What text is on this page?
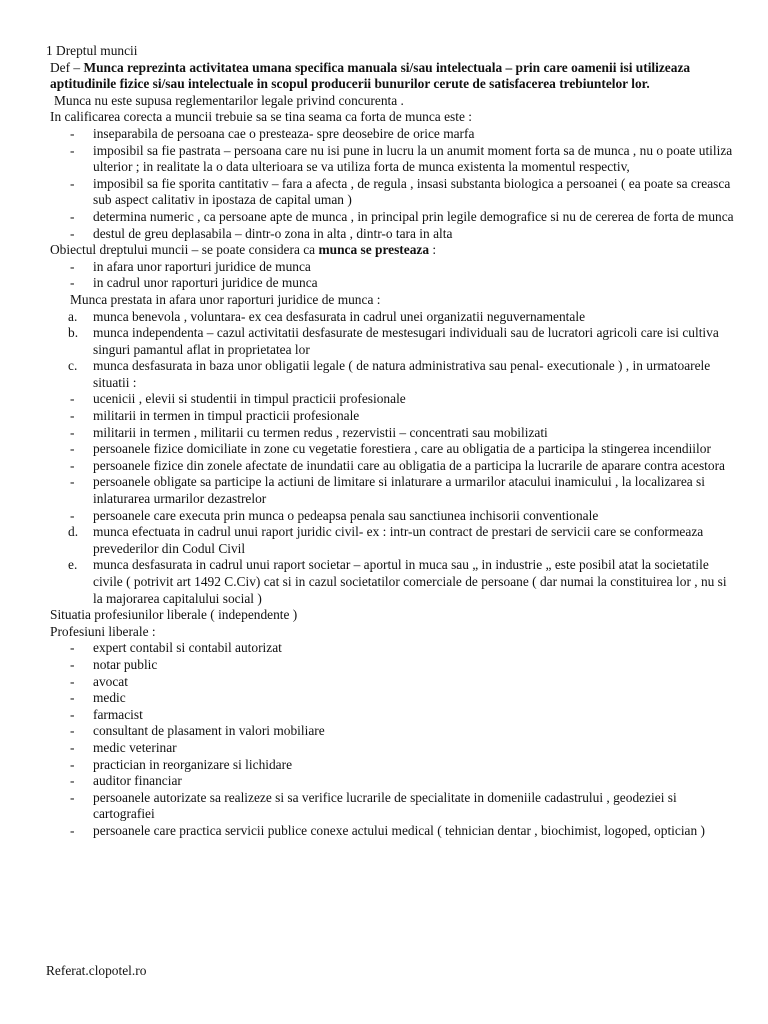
1 Dreptul muncii

Def – Munca reprezinta activitatea umana specifica manuala si/sau intelectuala – prin care oamenii isi utilizeaza aptitudinile fizice si/sau intelectuale in scopul producerii bunurilor cerute de satisfacerea trebiuntelor lor.

Munca nu este supusa reglementarilor legale privind concurenta .

In calificarea corecta a muncii trebuie sa se tina seama ca forta de munca este :

- inseparabila de persoana cae o presteaza- spre deosebire de orice marfa
- imposibil sa fie pastrata – persoana care nu isi pune in lucru la un anumit moment forta sa de munca , nu o poate utiliza ulterior ; in realitate la o data ulterioara se va utiliza forta de munca existenta la momentul respectiv,
- imposibil sa fie sporita cantitativ – fara a afecta , de regula , insasi substanta biologica a persoanei ( ea poate sa creasca sub aspect calitativ in ipostaza de capital uman )
- determina numeric , ca persoane apte de munca , in principal prin legile demografice si nu de cererea de forta de munca
- destul de greu deplasabila – dintr-o zona in alta , dintr-o tara in alta

Obiectul dreptului muncii – se poate considera ca munca se presteaza :

- in afara unor raporturi juridice de munca
- in cadrul unor raporturi juridice de munca

Munca prestata in afara unor raporturi juridice de munca :

a. munca benevola , voluntara- ex cea desfasurata in cadrul unei organizatii neguvernamentale
b. munca independenta – cazul activitatii desfasurate de mestesugari individuali sau de lucratori agricoli care isi cultiva singuri pamantul aflat in proprietatea lor
c. munca desfasurata in baza unor obligatii legale ( de natura administrativa sau penal- executionale ) , in urmatoarele situatii :
- ucenicii , elevii si studentii in timpul practicii profesionale
- militarii in termen in timpul practicii profesionale
- militarii in termen , militarii cu termen redus , rezervistii – concentrati sau mobilizati
- persoanele fizice domiciliate in zone cu vegetatie forestiera , care au obligatia de a participa la stingerea incendiilor
- persoanele fizice din zonele afectate de inundatii care au obligatia de a participa la lucrarile de aparare contra acestora
- persoanele obligate sa participe la actiuni de limitare si inlaturare a urmarilor atacului inamicului , la localizarea si inlaturarea urmarilor dezastrelor
- persoanele care executa prin munca o pedeapsa penala sau sanctiunea inchisorii conventionale
d. munca efectuata in cadrul unui raport juridic civil- ex : intr-un contract de prestari de servicii care se conformeaza prevederilor din Codul Civil
e. munca desfasurata in cadrul unui raport societar – aportul in muca sau „ in industrie „ este posibil atat la societatile civile ( potrivit art 1492 C.Civ) cat si in cazul societatilor comerciale de persoane ( dar numai la constituirea lor , nu si la majorarea capitalului social )

Situatia profesiunilor liberale ( independente )

Profesiuni liberale :

- expert contabil si contabil autorizat
- notar public
- avocat
- medic
- farmacist
- consultant de plasament in valori mobiliare
- medic veterinar
- practician in reorganizare si lichidare
- auditor financiar
- persoanele autorizate sa realizeze si sa verifice lucrarile de specialitate in domeniile cadastrului , geodeziei si cartografiei
- persoanele care practica servicii publice conexe actului medical ( tehnician dentar , biochimist, logoped, optician )

Referat.clopotel.ro
